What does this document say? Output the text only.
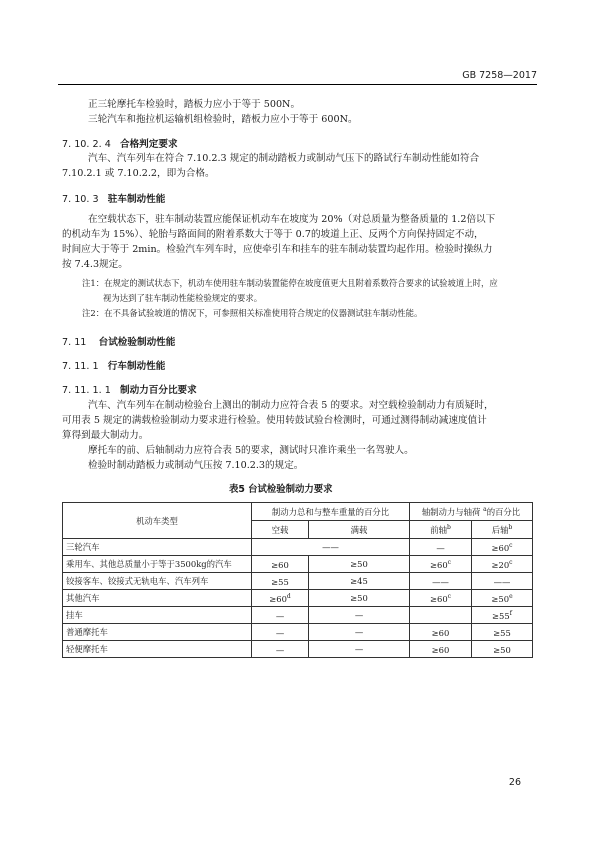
GB 7258—2017
正三轮摩托车检验时，踏板力应小于等于 500N。
三轮汽车和拖拉机运输机组检验时，踏板力应小于等于 600N。
7. 10. 2. 4 合格判定要求
汽车、汽车列车在符合 7.10.2.3 规定的制动踏板力或制动气压下的路试行车制动性能如符合
7.10.2.1 或 7.10.2.2，即为合格。
7. 10. 3 驻车制动性能
在空载状态下，驻车制动装置应能保证机动车在坡度为 20%（对总质量为整备质量的 1.2倍以下
的机动车为 15%）、轮胎与路面间的附着系数大于等于 0.7的坡道上正、反两个方向保持固定不动，
时间应大于等于 2min。检验汽车列车时，应使牵引车和挂车的驻车制动装置均起作用。检验时操纵力
按 7.4.3规定。
注1：在规定的测试状态下，机动车使用驻车制动装置能停在坡度值更大且附着系数符合要求的试验坡道上时，应
视为达到了驻车制动性能检验规定的要求。
注2：在不具备试验坡道的情况下，可参照相关标准使用符合规定的仪器测试驻车制动性能。
7. 11 台试检验制动性能
7. 11. 1 行车制动性能
7. 11. 1. 1 制动力百分比要求
汽车、汽车列车在制动检验台上测出的制动力应符合表 5 的要求。对空载检验制动力有质疑时，
可用表 5 规定的满载检验制动力要求进行检验。使用转鼓试验台检测时，可通过测得制动减速度值计
算得到最大制动力。
摩托车的前、后轴制动力应符合表 5的要求，测试时只准许乘坐一名驾驶人。
检验时制动踏板力或制动气压按 7.10.2.3的规定。
表5 台试检验制动力要求
机动车类型	制动力总和与整车重量的百分比		轴制动力与轴荷 $^a$的百分比	
	空载	满载	前轴$^b$	后轴$^b$
三轮汽车	——		—	$\ge 60^c$
乘用车、其他总质量小于等于3500kg的汽车	≥60	≥50	$\ge 60^c$	$\ge 20^c$
铰接客车、铰接式无轨电车、汽车列车	≥55	≥45	——	——
其他汽车	$\ge 60^d$	≥50	$\ge 60^c$	$\ge 50^e$
挂车	—	—		$\ge 55^f$
普通摩托车	—	—	≥60	≥55
轻便摩托车	—	—	≥60	≥50
26
